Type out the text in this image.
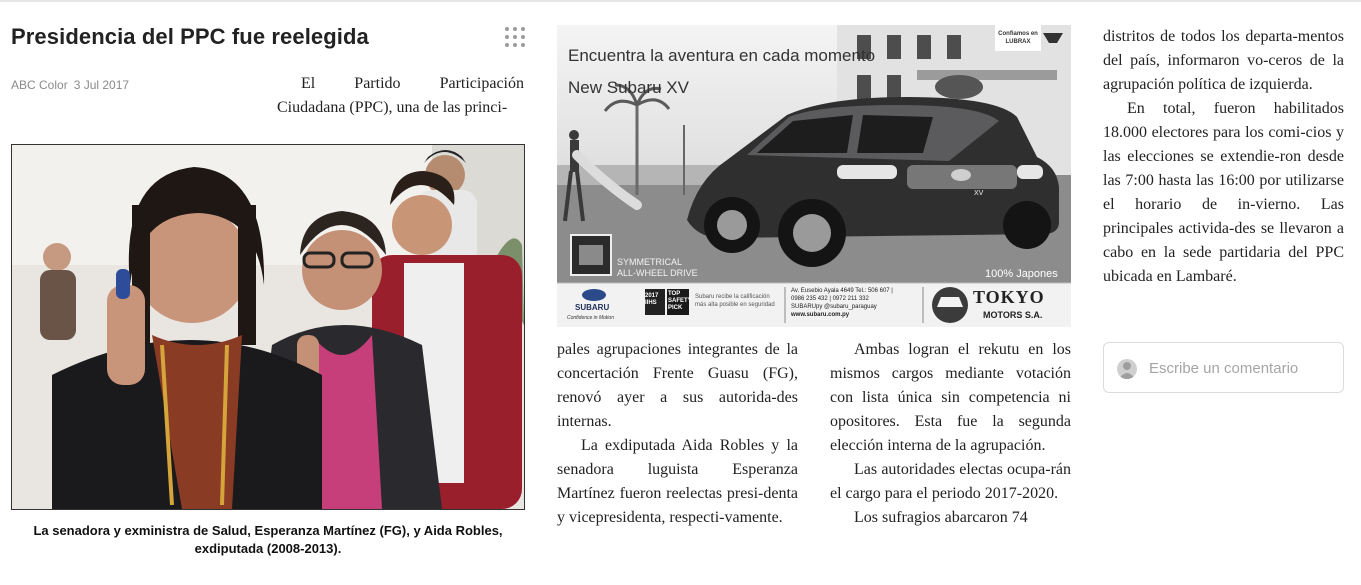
Presidencia del PPC fue reelegida
ABC Color 3 Jul 2017	El Partido Participación Ciudadana (PPC), una de las princi-

La senadora y exministra de Salud, Esperanza Martínez (FG), y Aida Robles, exdiputada (2008-2013).
Encuentra la aventura en cada momento
New Subaru XV
Confiamos en LUBRAX
SYMMETRICAL
ALL-WHEEL DRIVE	100% Japones
SUBARU
Confidence in Motion
2017 IIHS
TOP SAFETY PICK
Subaru recibe la calificación más alta posible en seguridad
Av. Eusebio Ayala 4649 Tel.: 506 607 |
0986 235 432 | 0972 211 332
SUBARUpy @subaru_paraguay
www.subaru.com.py
TOKYO
MOTORS S.A.
XV

pales agrupaciones integrantes de la concertación Frente Guasu (FG), renovó ayer a sus autorida-des internas.

La exdiputada Aida Robles y la senadora luguista Esperanza Martínez fueron reelectas presi-denta y vicepresidenta, respecti-vamente.

Ambas logran el rekutu en los mismos cargos mediante votación con lista única sin competencia ni opositores. Esta fue la segunda elección interna de la agrupación.

Las autoridades electas ocupa-rán el cargo para el periodo 2017-2020.

Los sufragios abarcaron 74

distritos de todos los departa-mentos del país, informaron vo-ceros de la agrupación política de izquierda.

En total, fueron habilitados 18.000 electores para los comi-cios y las elecciones se extendie-ron desde las 7:00 hasta las 16:00 por utilizarse el horario de in-vierno. Las principales activida-des se llevaron a cabo en la sede partidaria del PPC ubicada en Lambaré.

Escribe un comentario
